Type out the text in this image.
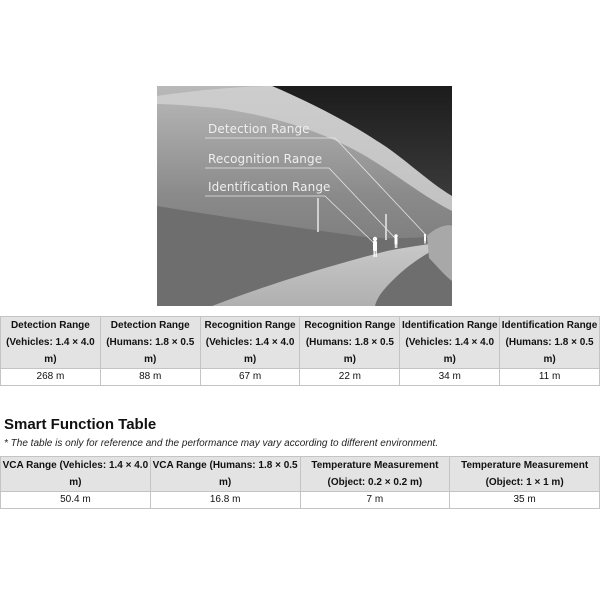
Detection Range
Recognition Range
Identification Range
Detection Range (Vehicles: 1.4 × 4.0 m)	Detection Range (Humans: 1.8 × 0.5 m)	Recognition Range (Vehicles: 1.4 × 4.0 m)	Recognition Range (Humans: 1.8 × 0.5 m)	Identification Range (Vehicles: 1.4 × 4.0 m)	Identification Range (Humans: 1.8 × 0.5 m)
268 m	88 m	67 m	22 m	34 m	11 m
Smart Function Table

* The table is only for reference and the performance may vary according to different environment.

VCA Range (Vehicles: 1.4 × 4.0 m)	VCA Range (Humans: 1.8 × 0.5 m)	Temperature Measurement (Object: 0.2 × 0.2 m)	Temperature Measurement (Object: 1 × 1 m)
50.4 m	16.8 m	7 m	35 m
